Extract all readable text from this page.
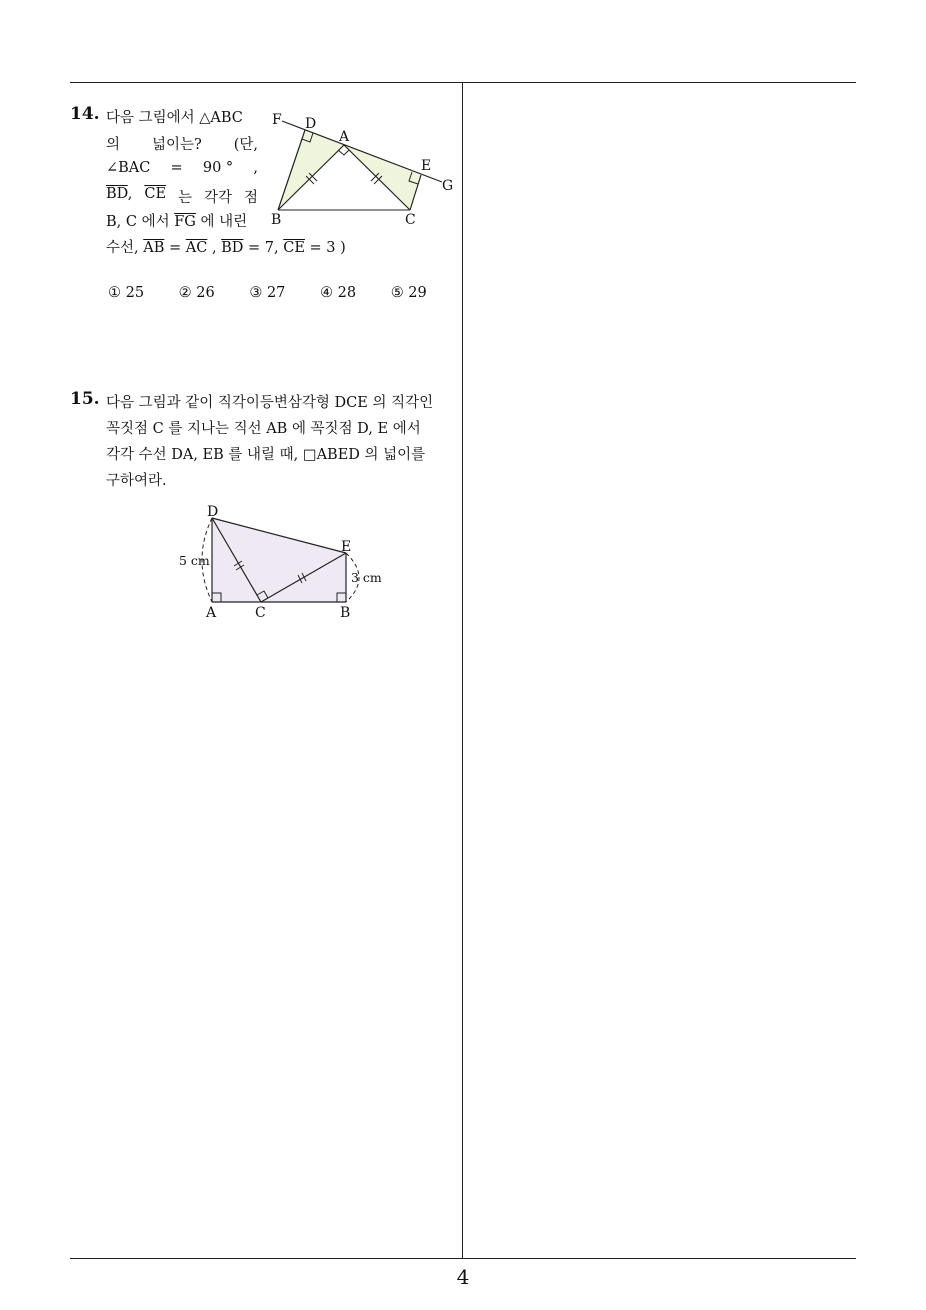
14. 다음 그림에서 △ABC
의 넓이는? (단,
∠BAC = 90 ° ,
$\overline{BD}$, $\overline{CE}$ 는 각각 점
B, C 에서 $\overline{FG}$ 에 내린
수선, $\overline{AB} = \overline{AC}$ , $\overline{BD} = 7$, $\overline{CE} = 3$ )
① 25 ② 26 ③ 27 ④ 28 ⑤ 29
F D
A
E
G
B	C
15. 다음 그림과 같이 직각이등변삼각형 DCE 의 직각인
꼭짓점 C 를 지나는 직선 AB 에 꼭짓점 D, E 에서
각각 수선 DA, EB 를 내릴 때, □ABED 의 넓이를
구하여라.
D
E
A	C	B
5 cm
3 cm
4
